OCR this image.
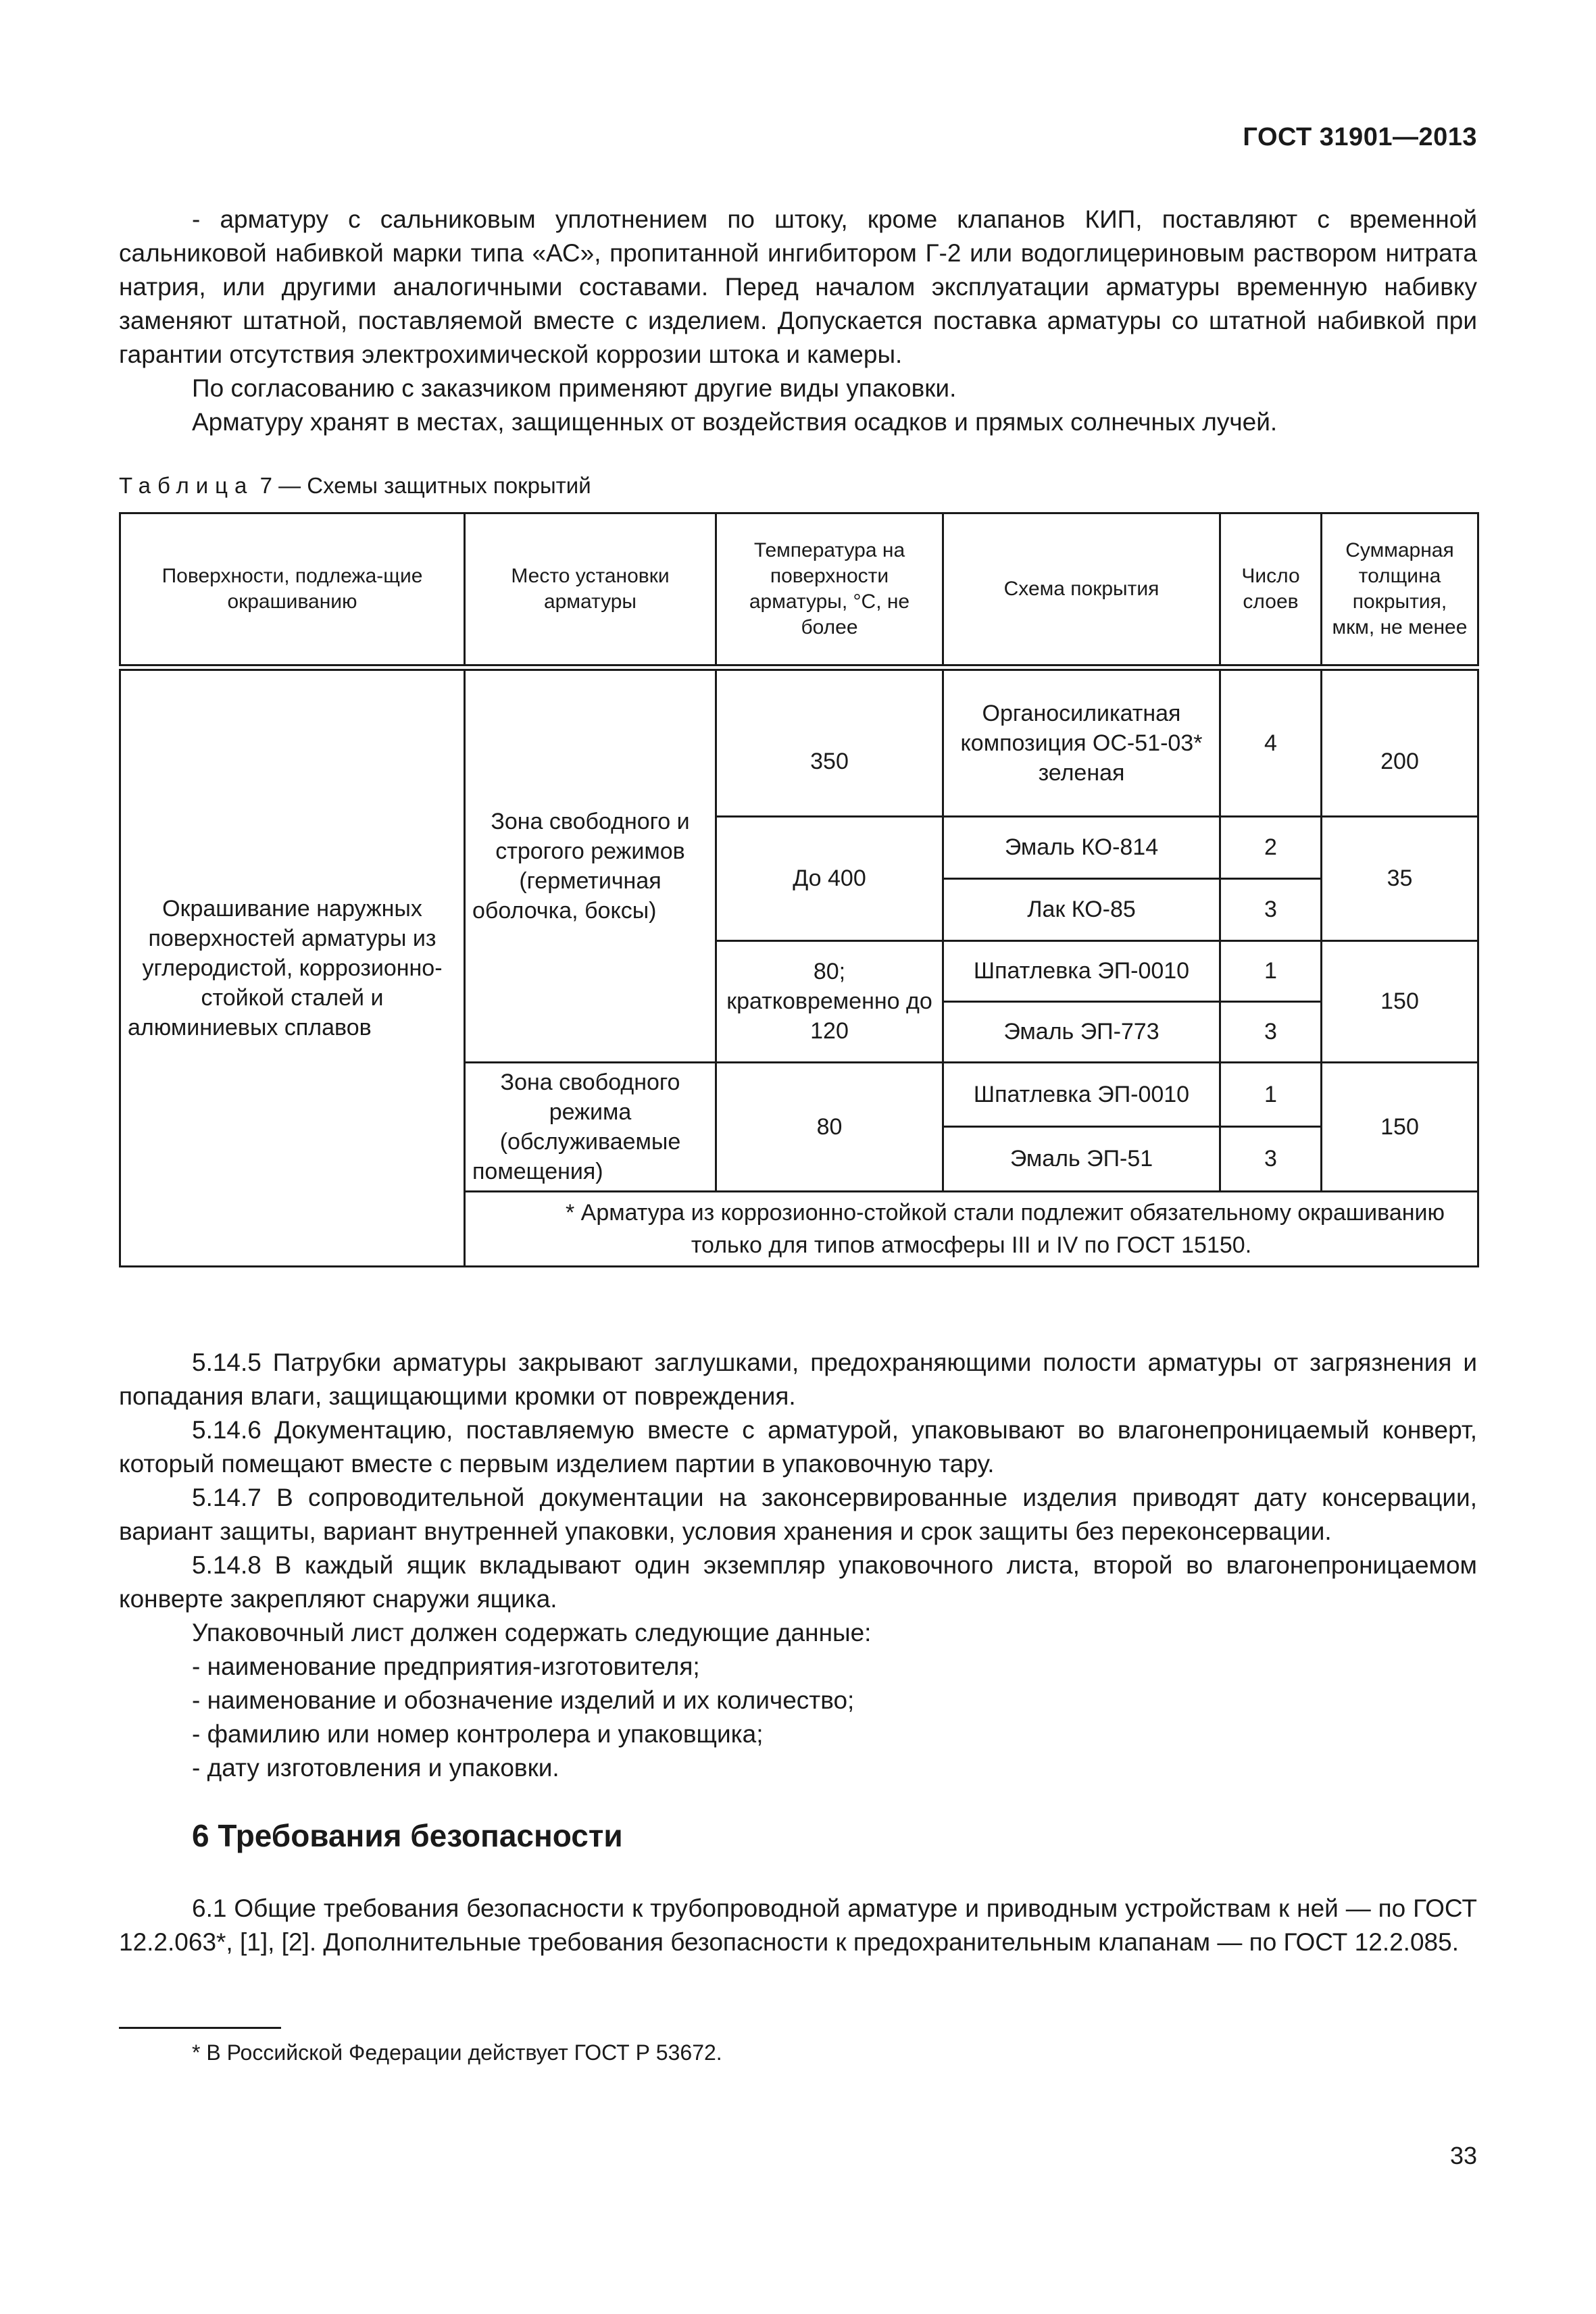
ГОСТ 31901—2013

- арматуру с сальниковым уплотнением по штоку, кроме клапанов КИП, поставляют с временной сальниковой набивкой марки типа «АС», пропитанной ингибитором Г-2 или водоглицериновым раствором нитрата натрия, или другими аналогичными составами. Перед началом эксплуатации арматуры временную набивку заменяют штатной, поставляемой вместе с изделием. Допускается поставка арматуры со штатной набивкой при гарантии отсутствия электрохимической коррозии штока и камеры.
По согласованию с заказчиком применяют другие виды упаковки.
Арматуру хранят в местах, защищенных от воздействия осадков и прямых солнечных лучей.

Таблица 7 — Схемы защитных покрытий
Поверхности, подлежа-щие окрашиванию	Место установки арматуры	Температура на поверхности арматуры, °С, не более	Схема покрытия	Число слоев	Суммарная толщина покрытия, мкм, не менее
Окрашивание наружных поверхностей арматуры из углеродистой, коррозионно-стойкой сталей и алюминиевых сплавов	Зона свободного и строгого режимов (герметичная оболочка, боксы)	350	Органосиликатная композиция ОС-51-03* зеленая	4	200
		До 400	Эмаль КО-814	2	35
			Лак КО-85	3	
		80; кратковременно до 120	Шпатлевка ЭП-0010	1	150
			Эмаль ЭП-773	3	
	Зона свободного режима (обслуживаемые помещения)	80	Шпатлевка ЭП-0010	1	150
			Эмаль ЭП-51	3	
	* Арматура из коррозионно-стойкой стали подлежит обязательному окрашиванию только для типов атмосферы III и IV по ГОСТ 15150.				

5.14.5 Патрубки арматуры закрывают заглушками, предохраняющими полости арматуры от загрязнения и попадания влаги, защищающими кромки от повреждения.
5.14.6 Документацию, поставляемую вместе с арматурой, упаковывают во влагонепроницаемый конверт, который помещают вместе с первым изделием партии в упаковочную тару.
5.14.7 В сопроводительной документации на законсервированные изделия приводят дату консервации, вариант защиты, вариант внутренней упаковки, условия хранения и срок защиты без переконсервации.
5.14.8 В каждый ящик вкладывают один экземпляр упаковочного листа, второй во влагонепроницаемом конверте закрепляют снаружи ящика.
Упаковочный лист должен содержать следующие данные:
- наименование предприятия-изготовителя;
- наименование и обозначение изделий и их количество;
- фамилию или номер контролера и упаковщика;
- дату изготовления и упаковки.

6 Требования безопасности

6.1 Общие требования безопасности к трубопроводной арматуре и приводным устройствам к ней — по ГОСТ 12.2.063*, [1], [2]. Дополнительные требования безопасности к предохранительным клапанам — по ГОСТ 12.2.085.

* В Российской Федерации действует ГОСТ Р 53672.
33
